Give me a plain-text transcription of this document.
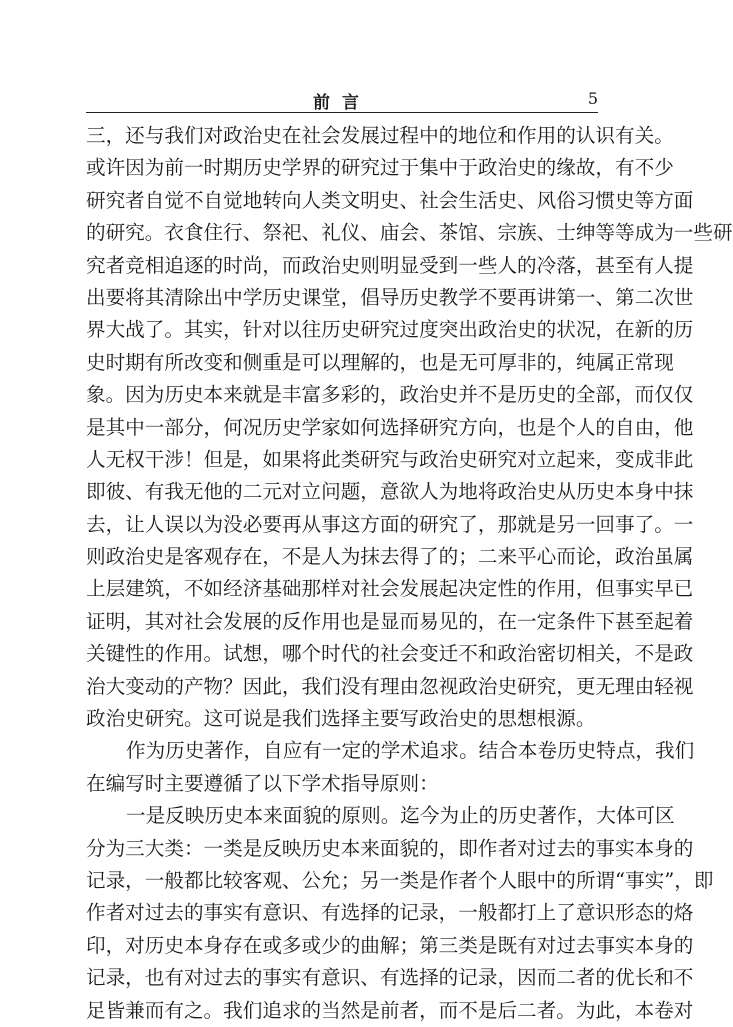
前言	5
三，还与我们对政治史在社会发展过程中的地位和作用的认识有关。
或许因为前一时期历史学界的研究过于集中于政治史的缘故，有不少
研究者自觉不自觉地转向人类文明史、社会生活史、风俗习惯史等方面
的研究。衣食住行、祭祀、礼仪、庙会、茶馆、宗族、士绅等等成为一些研
究者竞相追逐的时尚，而政治史则明显受到一些人的冷落，甚至有人提
出要将其清除出中学历史课堂，倡导历史教学不要再讲第一、第二次世
界大战了。其实，针对以往历史研究过度突出政治史的状况，在新的历
史时期有所改变和侧重是可以理解的，也是无可厚非的，纯属正常现
象。因为历史本来就是丰富多彩的，政治史并不是历史的全部，而仅仅
是其中一部分，何况历史学家如何选择研究方向，也是个人的自由，他
人无权干涉！但是，如果将此类研究与政治史研究对立起来，变成非此
即彼、有我无他的二元对立问题，意欲人为地将政治史从历史本身中抹
去，让人误以为没必要再从事这方面的研究了，那就是另一回事了。一
则政治史是客观存在，不是人为抹去得了的；二来平心而论，政治虽属
上层建筑，不如经济基础那样对社会发展起决定性的作用，但事实早已
证明，其对社会发展的反作用也是显而易见的，在一定条件下甚至起着
关键性的作用。试想，哪个时代的社会变迁不和政治密切相关，不是政
治大变动的产物？因此，我们没有理由忽视政治史研究，更无理由轻视
政治史研究。这可说是我们选择主要写政治史的思想根源。
作为历史著作，自应有一定的学术追求。结合本卷历史特点，我们
在编写时主要遵循了以下学术指导原则：
一是反映历史本来面貌的原则。迄今为止的历史著作，大体可区
分为三大类：一类是反映历史本来面貌的，即作者对过去的事实本身的
记录，一般都比较客观、公允；另一类是作者个人眼中的所谓“事实”，即
作者对过去的事实有意识、有选择的记录，一般都打上了意识形态的烙
印，对历史本身存在或多或少的曲解；第三类是既有对过去事实本身的
记录，也有对过去的事实有意识、有选择的记录，因而二者的优长和不
足皆兼而有之。我们追求的当然是前者，而不是后二者。为此，本卷对
